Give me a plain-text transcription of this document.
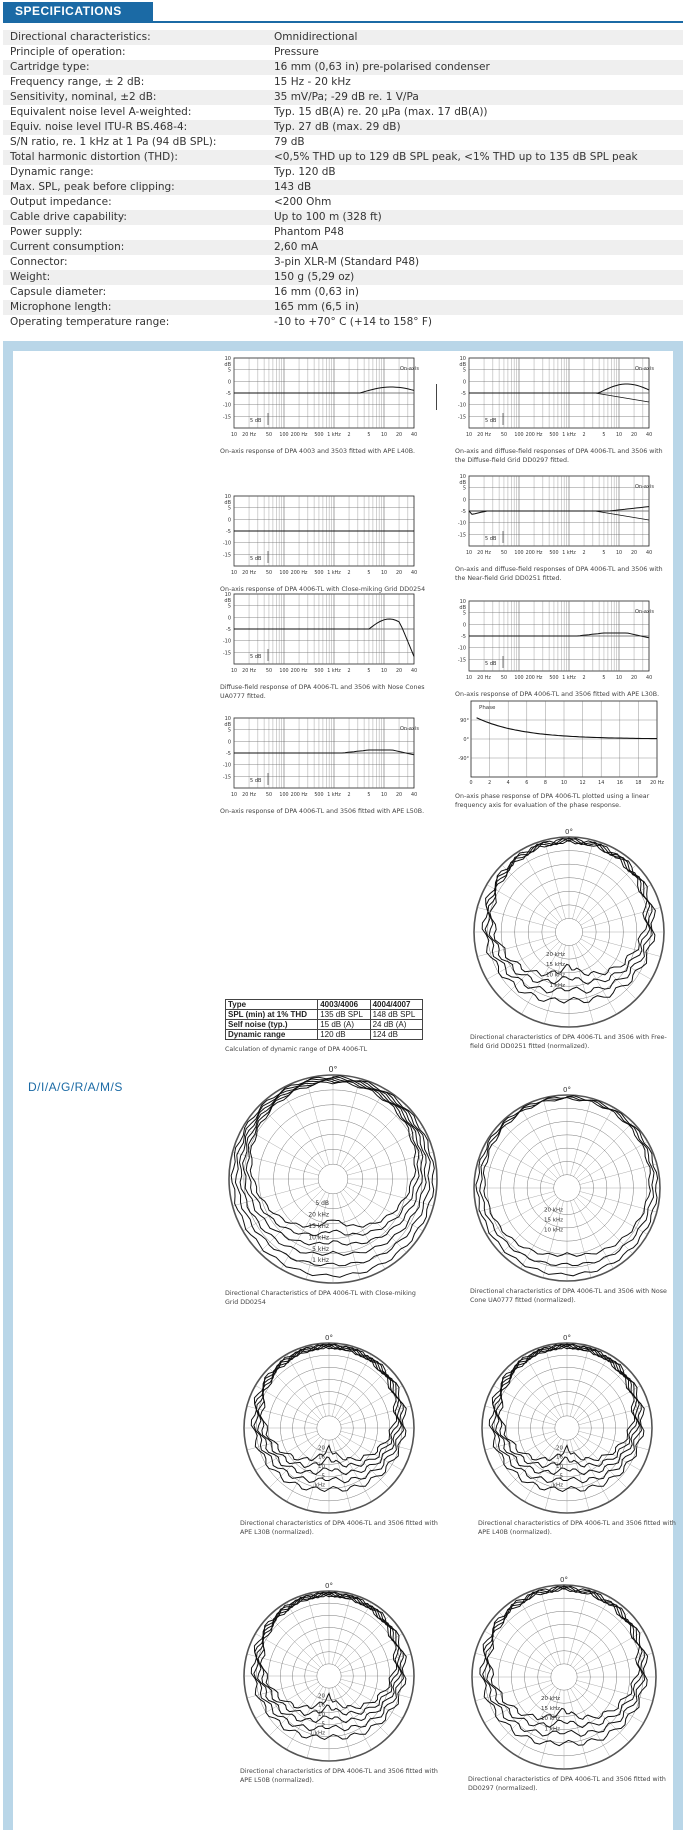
SPECIFICATIONS
Directional characteristics:	Omnidirectional
Principle of operation:	Pressure
Cartridge type:	16 mm (0,63 in) pre-polarised condenser
Frequency range, ± 2 dB:	15 Hz - 20 kHz
Sensitivity, nominal, ±2 dB:	35 mV/Pa; -29 dB re. 1 V/Pa
Equivalent noise level A-weighted:	Typ. 15 dB(A) re. 20 µPa (max. 17 dB(A))
Equiv. noise level ITU-R BS.468-4:	Typ. 27 dB (max. 29 dB)
S/N ratio, re. 1 kHz at 1 Pa (94 dB SPL):	79 dB
Total harmonic distortion (THD):	<0,5% THD up to 129 dB SPL peak, <1% THD up to 135 dB SPL peak
Dynamic range:	Typ. 120 dB
Max. SPL, peak before clipping:	143 dB
Output impedance:	<200 Ohm
Cable drive capability:	Up to 100 m (328 ft)
Power supply:	Phantom P48
Current consumption:	2,60 mA
Connector:	3-pin XLR-M (Standard P48)
Weight:	150 g (5,29 oz)
Capsule diameter:	16 mm (0,63 in)
Microphone length:	165 mm (6,5 in)
Operating temperature range:	-10 to +70° C (+14 to 158° F)
D/I/A/G/R/A/M/S
10
dB
5
0
-5
-10
-15
10 20 Hz 50 100 200 Hz 500 1 kHz 2	5 10 20 40
5 dB
On-axis
On-axis response of DPA 4003 and 3503 fitted with APE L40B.
10
dB
5
0
-5
-10
-15
10 20 Hz 50 100 200 Hz 500 1 kHz 2	5 10 20 40
5 dB
On-axis response of DPA 4006-TL with Close-miking Grid DD0254
10
dB
5
0
-5
-10
-15
10 20 Hz 50 100 200 Hz 500 1 kHz 2	5 10 20 40
5 dB
Diffuse-field response of DPA 4006-TL and 3506 with Nose Cones UA0777 fitted.
10
dB
5
0
-5
-10
-15
10 20 Hz 50 100 200 Hz 500 1 kHz 2	5 10 20 40
5 dB
On-axis
On-axis response of DPA 4006-TL and 3506 fitted with APE L50B.
10
dB
5
0
-5
-10
-15
10 20 Hz 50 100 200 Hz 500 1 kHz 2	5 10 20 40
5 dB
On-axis
On-axis and diffuse-field responses of DPA 4006-TL and 3506 with the Diffuse-field Grid DD0297 fitted.
10
dB
5
0
-5
-10
-15
10 20 Hz 50 100 200 Hz 500 1 kHz 2	5 10 20 40
5 dB
On-axis
On-axis and diffuse-field responses of DPA 4006-TL and 3506 with the Near-field Grid DD0251 fitted.
10
dB
5
0
-5
-10
-15
10 20 Hz 50 100 200 Hz 500 1 kHz 2	5 10 20 40
5 dB
On-axis
On-axis response of DPA 4006-TL and 3506 fitted with APE L30B.
90°
0°
-90°
0	2	4	6	8	10	12	14	16	18 20 Hz
Phase
On-axis phase response of DPA 4006-TL plotted using a linear frequency axis for evaluation of the phase response.
0°
20 kHz
15 kHz
10 kHz
1 kHz
Directional characteristics of DPA 4006-TL and 3506 with Free-field Grid DD0251 fitted (normalized).
0°
5 dB
20 kHz
15 kHz
10 kHz
5 kHz
1 kHz
Directional Characteristics of DPA 4006-TL with Close-miking Grid DD0254
0°
20 kHz
15 kHz
10 kHz
Directional characteristics of DPA 4006-TL and 3506 with Nose Cone UA0777 fitted (normalized).
0°
20
16
10
5
kHz
Directional characteristics of DPA 4006-TL and 3506 fitted with APE L30B (normalized).
0°
20
16
10
5
kHz
Directional characteristics of DPA 4006-TL and 3506 fitted with APE L40B (normalized).
0°
20
16
10
5
1 kHz
Directional characteristics of DPA 4006-TL and 3506 fitted with APE L50B (normalized).
0°
20 kHz
15 kHz
10 kHz
1 kHz
Directional characteristics of DPA 4006-TL and 3506 fitted with DD0297 (normalized).
Type	4003/4006	4004/4007
SPL (min) at 1% THD	135 dB SPL	148 dB SPL
Self noise (typ.)	15 dB (A)	24 dB (A)
Dynamic range	120 dB	124 dB
Calculation of dynamic range of DPA 4006-TL
